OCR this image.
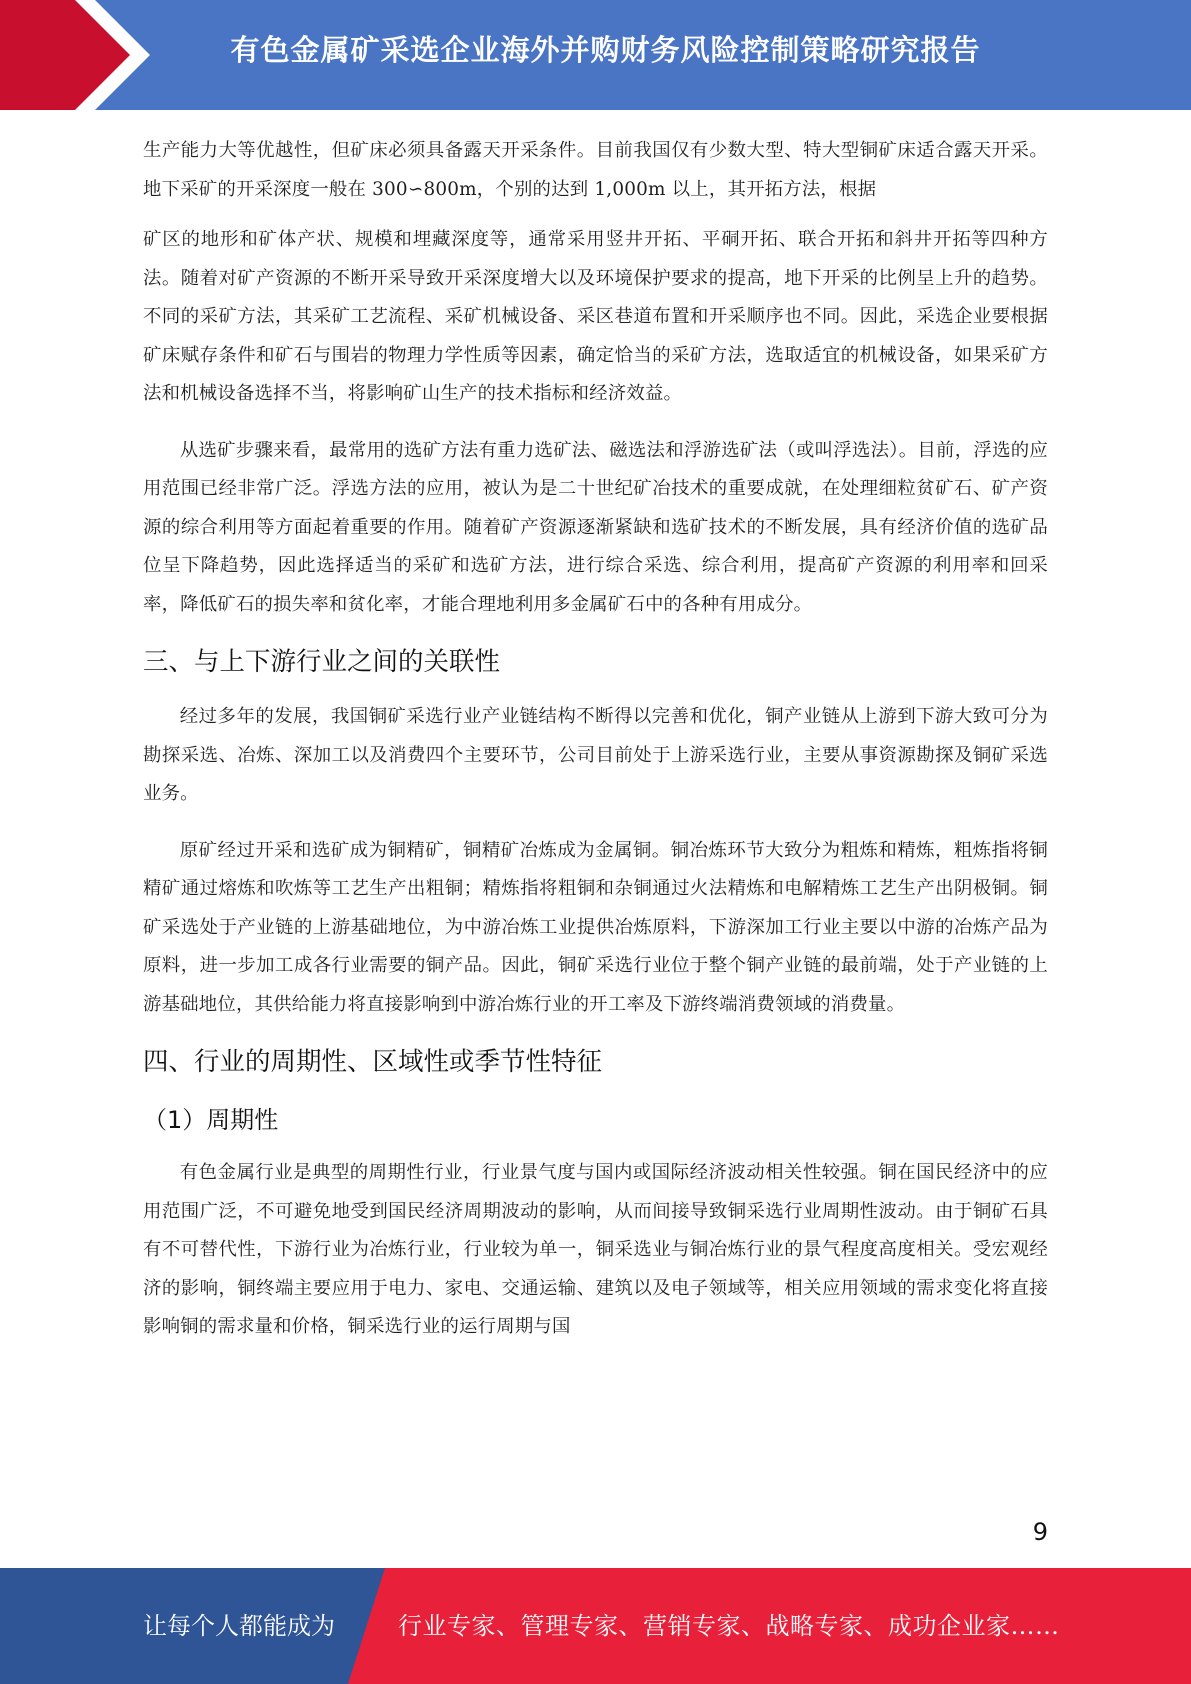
有色金属矿采选企业海外并购财务风险控制策略研究报告

生产能力大等优越性，但矿床必须具备露天开采条件。目前我国仅有少数大型、特大型铜矿床适合露天开采。地下采矿的开采深度一般在 300∽800m，个别的达到 1,000m 以上，其开拓方法，根据

矿区的地形和矿体产状、规模和埋藏深度等，通常采用竖井开拓、平硐开拓、联合开拓和斜井开拓等四种方法。随着对矿产资源的不断开采导致开采深度增大以及环境保护要求的提高，地下开采的比例呈上升的趋势。不同的采矿方法，其采矿工艺流程、采矿机械设备、采区巷道布置和开采顺序也不同。因此，采选企业要根据矿床赋存条件和矿石与围岩的物理力学性质等因素，确定恰当的采矿方法，选取适宜的机械设备，如果采矿方法和机械设备选择不当，将影响矿山生产的技术指标和经济效益。

从选矿步骤来看，最常用的选矿方法有重力选矿法、磁选法和浮游选矿法（或叫浮选法）。目前，浮选的应用范围已经非常广泛。浮选方法的应用，被认为是二十世纪矿冶技术的重要成就，在处理细粒贫矿石、矿产资源的综合利用等方面起着重要的作用。随着矿产资源逐渐紧缺和选矿技术的不断发展，具有经济价值的选矿品位呈下降趋势，因此选择适当的采矿和选矿方法，进行综合采选、综合利用，提高矿产资源的利用率和回采率，降低矿石的损失率和贫化率，才能合理地利用多金属矿石中的各种有用成分。

三、与上下游行业之间的关联性

经过多年的发展，我国铜矿采选行业产业链结构不断得以完善和优化，铜产业链从上游到下游大致可分为勘探采选、冶炼、深加工以及消费四个主要环节，公司目前处于上游采选行业，主要从事资源勘探及铜矿采选业务。

原矿经过开采和选矿成为铜精矿，铜精矿冶炼成为金属铜。铜冶炼环节大致分为粗炼和精炼，粗炼指将铜精矿通过熔炼和吹炼等工艺生产出粗铜；精炼指将粗铜和杂铜通过火法精炼和电解精炼工艺生产出阴极铜。铜矿采选处于产业链的上游基础地位，为中游冶炼工业提供冶炼原料，下游深加工行业主要以中游的冶炼产品为原料，进一步加工成各行业需要的铜产品。因此，铜矿采选行业位于整个铜产业链的最前端，处于产业链的上游基础地位，其供给能力将直接影响到中游冶炼行业的开工率及下游终端消费领域的消费量。

四、行业的周期性、区域性或季节性特征
（1）周期性

有色金属行业是典型的周期性行业，行业景气度与国内或国际经济波动相关性较强。铜在国民经济中的应用范围广泛，不可避免地受到国民经济周期波动的影响，从而间接导致铜采选行业周期性波动。由于铜矿石具有不可替代性，下游行业为冶炼行业，行业较为单一，铜采选业与铜冶炼行业的景气程度高度相关。受宏观经济的影响，铜终端主要应用于电力、家电、交通运输、建筑以及电子领域等，相关应用领域的需求变化将直接影响铜的需求量和价格，铜采选行业的运行周期与国

9
让每个人都能成为	行业专家、管理专家、营销专家、战略专家、成功企业家……
